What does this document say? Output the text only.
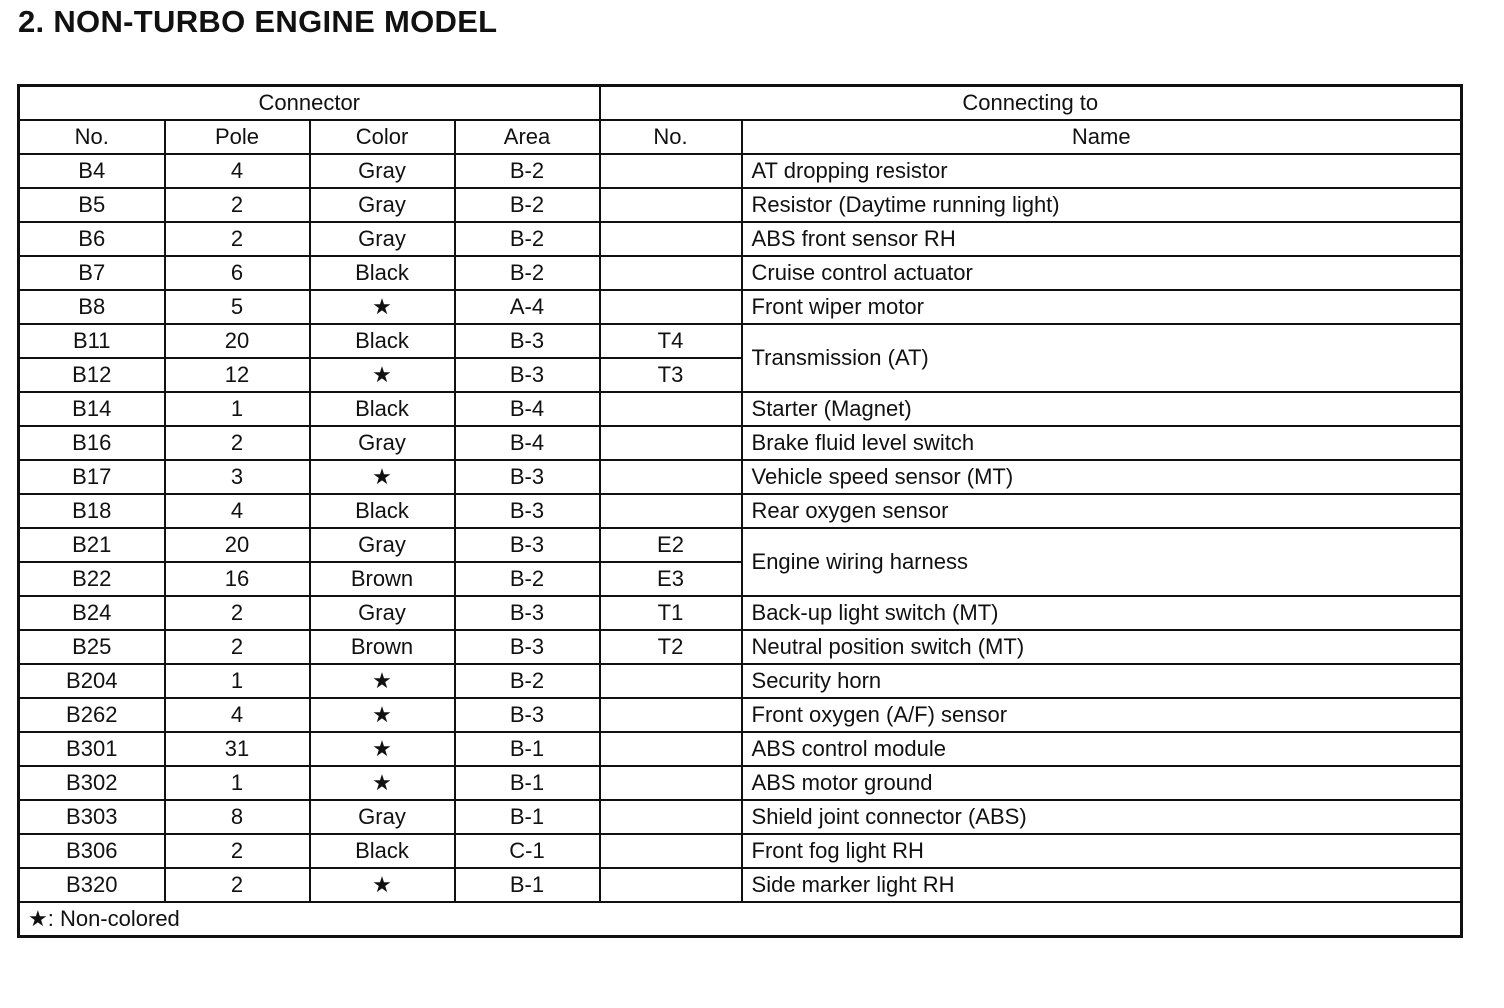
2. NON-TURBO ENGINE MODEL
Connector				Connecting to	
No.	Pole	Color	Area	No.	Name
B4	4	Gray	B-2		AT dropping resistor
B5	2	Gray	B-2		Resistor (Daytime running light)
B6	2	Gray	B-2		ABS front sensor RH
B7	6	Black	B-2		Cruise control actuator
B8	5	★	A-4		Front wiper motor
B11	20	Black	B-3	T4	Transmission (AT)
B12	12	★	B-3	T3	
B14	1	Black	B-4		Starter (Magnet)
B16	2	Gray	B-4		Brake fluid level switch
B17	3	★	B-3		Vehicle speed sensor (MT)
B18	4	Black	B-3		Rear oxygen sensor
B21	20	Gray	B-3	E2	Engine wiring harness
B22	16	Brown	B-2	E3	
B24	2	Gray	B-3	T1	Back-up light switch (MT)
B25	2	Brown	B-3	T2	Neutral position switch (MT)
B204	1	★	B-2		Security horn
B262	4	★	B-3		Front oxygen (A/F) sensor
B301	31	★	B-1		ABS control module
B302	1	★	B-1		ABS motor ground
B303	8	Gray	B-1		Shield joint connector (ABS)
B306	2	Black	C-1		Front fog light RH
B320	2	★	B-1		Side marker light RH
★: Non-colored					
